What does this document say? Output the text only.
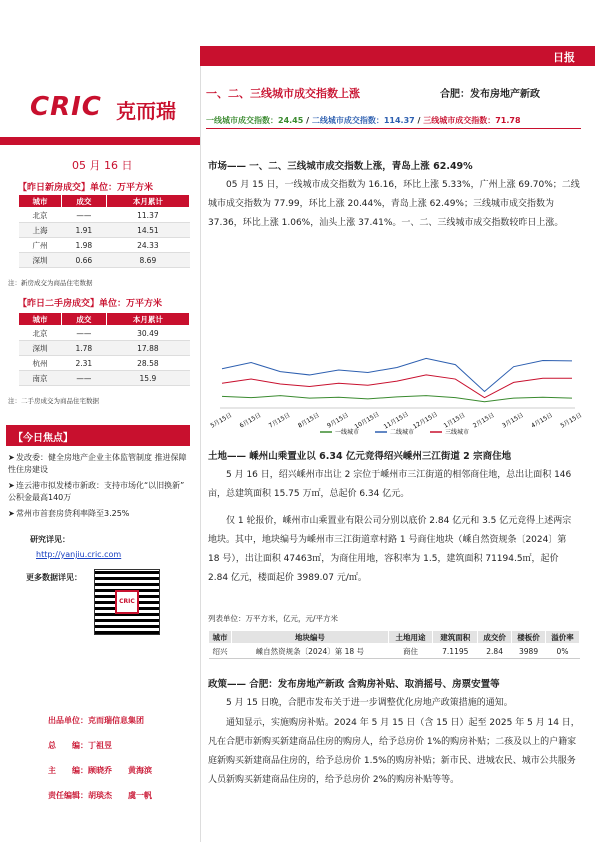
日报
CRIC 克而瑞
一、二、三线城市成交指数上涨	合肥：发布房地产新政
一线城市成交指数：24.45 / 二线城市成交指数：114.37 / 三线城市成交指数：71.78
05 月 16 日
【昨日新房成交】单位：万平方米
城市	成交	本月累计
北京	——	11.37
上海	1.91	14.51
广州	1.98	24.33
深圳	0.66	8.69
注：新房成交为商品住宅数据
【昨日二手房成交】单位：万平方米
城市	成交	本月累计
北京	——	30.49
深圳	1.78	17.88
杭州	2.31	28.58
南京	——	15.9
注：二手房成交为商品住宅数据
【今日焦点】
➤发改委：健全房地产企业主体监管制度 推进保障性住房建设
➤连云港市拟发楼市新政：支持市场化“以旧换新” 公积金最高140万
➤常州市首套房贷利率降至3.25%
研究详见：
http://yanjiu.cric.com
更多数据详见：
CRIC
出品单位：克而瑞信息集团
总　　编：丁祖昱
主　　编：顾晓乔　　黄海滨
责任编辑：胡琰杰　　虞一帆
市场—— 一、二、三线城市成交指数上涨，青岛上涨 62.49%
05 月 15 日，一线城市成交指数为 16.16，环比上涨 5.33%，广州上涨 69.70%；二线城市成交指数为 77.99，环比上涨 20.44%，青岛上涨 62.49%；三线城市成交指数为 37.36，环比上涨 1.06%，汕头上涨 37.41%。一、二、三线城市成交指数较昨日上涨。
5月15日 6月15日 7月15日 8月15日 9月15日 10月15日 11月15日 12月15日 1月15日 2月15日 3月15日 4月15日 5月15日
一线城市	二线城市	三线城市
土地—— 嵊州山乘置业以 6.34 亿元竞得绍兴嵊州三江街道 2 宗商住地
5 月 16 日，绍兴嵊州市出让 2 宗位于嵊州市三江街道的相邻商住地，总出让面积 146 亩，总建筑面积 15.75 万㎡，总起价 6.34 亿元。
仅 1 轮报价，嵊州市山乘置业有限公司分别以底价 2.84 亿元和 3.5 亿元竞得上述两宗地块。其中，地块编号为嵊州市三江街道章村路 1 号商住地块（嵊自然资规条〔2024〕第 18 号），出让面积 47463㎡，为商住用地，容积率为 1.5，建筑面积 71194.5㎡，起价 2.84 亿元，楼面起价 3989.07 元/㎡。
列表单位：万平方米，亿元，元/平方米
城市	地块编号	土地用途	建筑面积	成交价	楼板价	溢价率
绍兴	嵊自然资规条〔2024〕第 18 号	商住	7.1195	2.84	3989	0%
政策—— 合肥：发布房地产新政 含购房补贴、取消摇号、房票安置等
5 月 15 日晚，合肥市发布关于进一步调整优化房地产政策措施的通知。
通知显示，实施购房补贴。2024 年 5 月 15 日（含 15 日）起至 2025 年 5 月 14 日，凡在合肥市新购买新建商品住房的购房人，给予总房价 1%的购房补贴；二孩及以上的户籍家庭新购买新建商品住房的，给予总房价 1.5%的购房补贴；新市民、进城农民、城市公共服务人员新购买新建商品住房的，给予总房价 2%的购房补贴等等。
